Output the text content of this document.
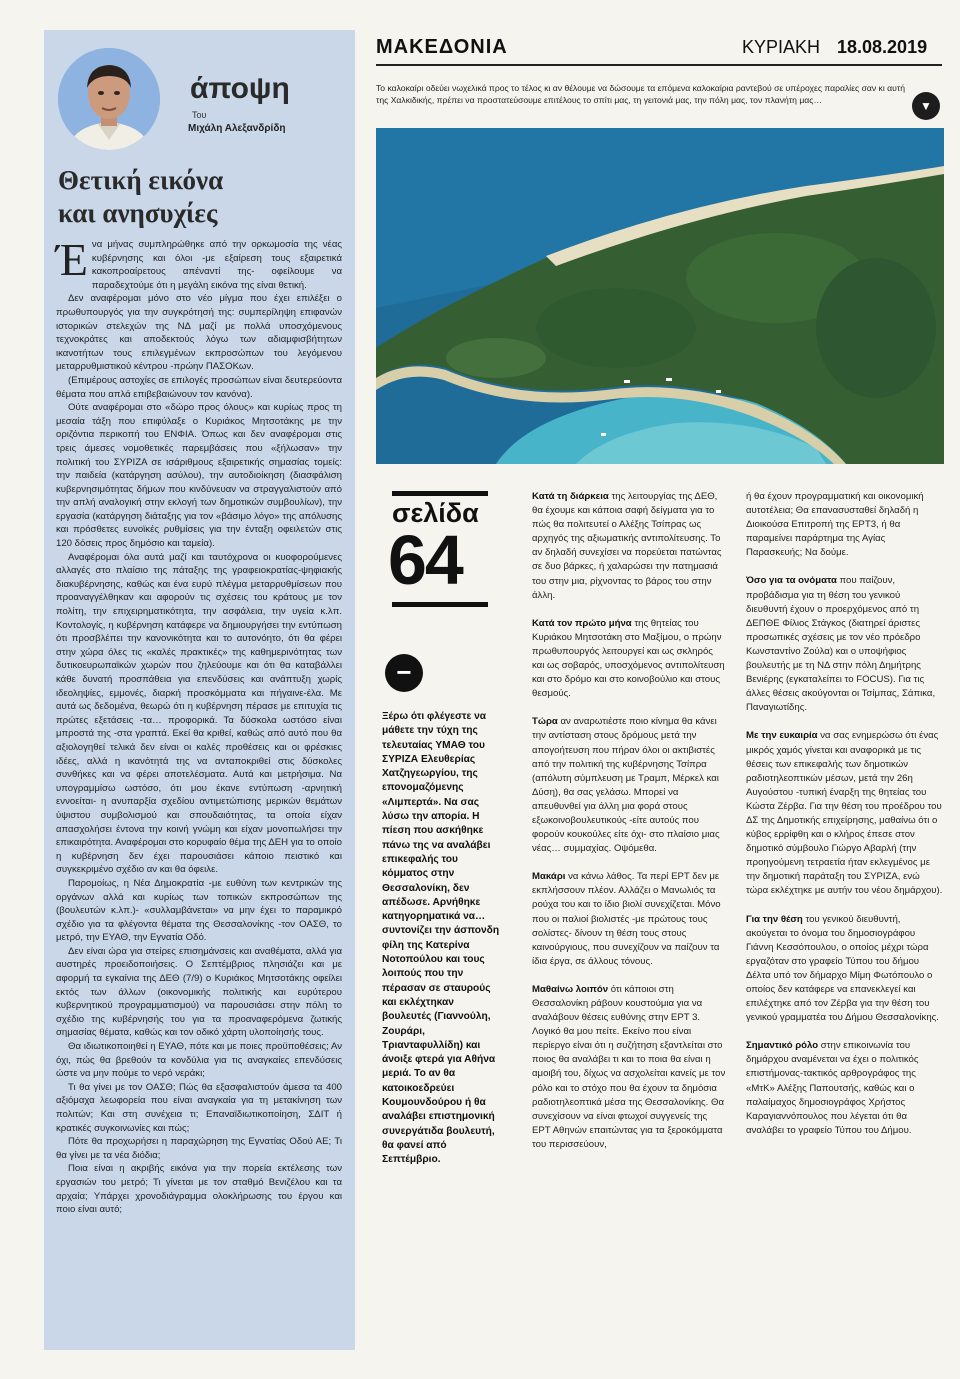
άποψη
Του
Μιχάλη Αλεξανδρίδη
Θετική εικόνα
και ανησυχίες

Ένα μήνας συμπληρώθηκε από την ορκωμοσία της νέας κυβέρνησης και όλοι -με εξαίρεση τους εξαιρετικά κακοπροαίρετους απέναντί της- οφείλουμε να παραδεχτούμε ότι η μεγάλη εικόνα της είναι θετική.

Δεν αναφέρομαι μόνο στο νέο μίγμα που έχει επιλέξει ο πρωθυπουργός για την συγκρότησή της: συμπερίληψη επιφανών ιστορικών στελεχών της ΝΔ μαζί με πολλά υποσχόμενους τεχνοκράτες και αποδεκτούς λόγω των αδιαμφισβήτητων ικανοτήτων τους επιλεγμένων εκπροσώπων του λεγόμενου μεταρρυθμιστικού κέντρου -πρώην ΠΑΣΟΚων.

(Επιμέρους αστοχίες σε επιλογές προσώπων είναι δευτερεύοντα θέματα που απλά επιβεβαιώνουν τον κανόνα).

Ούτε αναφέρομαι στο «δώρο προς όλους» και κυρίως προς τη μεσαία τάξη που επιφύλαξε ο Κυριάκος Μητσοτάκης με την οριζόντια περικοπή του ΕΝΦΙΑ. Όπως και δεν αναφέρομαι στις τρεις άμεσες νομοθετικές παρεμβάσεις που «ξήλωσαν» την πολιτική του ΣΥΡΙΖΑ σε ισάριθμους εξαιρετικής σημασίας τομείς: την παιδεία (κατάργηση ασύλου), την αυτοδιοίκηση (διασφάλιση κυβερνησιμότητας δήμων που κινδύνευαν να στραγγαλιστούν από την απλή αναλογική στην εκλογή των δημοτικών συμβουλίων), την εργασία (κατάργηση διάταξης για τον «βάσιμο λόγο» της απόλυσης και πρόσθετες ευνοϊκές ρυθμίσεις για την ένταξη οφειλετών στις 120 δόσεις προς δημόσιο και ταμεία).

Αναφέρομαι όλα αυτά μαζί και ταυτόχρονα οι κυοφορούμενες αλλαγές στο πλαίσιο της πάταξης της γραφειοκρατίας-ψηφιακής διακυβέρνησης, καθώς και ένα ευρύ πλέγμα μεταρρυθμίσεων που προαναγγέλθηκαν και αφορούν τις σχέσεις του κράτους με τον πολίτη, την επιχειρηματικότητα, την ασφάλεια, την υγεία κ.λπ. Κοντολογίς, η κυβέρνηση κατάφερε να δημιουργήσει την εντύπωση ότι προσβλέπει την κανονικότητα και το αυτονόητο, ότι θα φέρει στην χώρα όλες τις «καλές πρακτικές» της καθημερινότητας των δυτικοευρωπαϊκών χωρών που ζηλεύουμε και ότι θα καταβάλλει κάθε δυνατή προσπάθεια για επενδύσεις και ανάπτυξη χωρίς ιδεοληψίες, εμμονές, διαρκή προσκόμματα και πήγαινε-έλα. Με αυτά ως δεδομένα, θεωρώ ότι η κυβέρνηση πέρασε με επιτυχία τις πρώτες εξετάσεις -τα… προφορικά. Τα δύσκολα ωστόσο είναι μπροστά της -στα γραπτά. Εκεί θα κριθεί, καθώς από αυτό που θα αξιολογηθεί τελικά δεν είναι οι καλές προθέσεις και οι φρέσκιες ιδέες, αλλά η ικανότητά της να ανταποκριθεί στις δύσκολες συνθήκες και να φέρει αποτελέσματα. Αυτά και μετρήσιμα. Να υπογραμμίσω ωστόσο, ότι μου έκανε εντύπωση -αρνητική εννοείται- η ανυπαρξία σχεδίου αντιμετώπισης μερικών θεμάτων ύψιστου συμβολισμού και σπουδαιότητας, τα οποία είχαν απασχολήσει έντονα την κοινή γνώμη και είχαν μονοπωλήσει την επικαιρότητα. Αναφέρομαι στο κορυφαίο θέμα της ΔΕΗ για το οποίο η κυβέρνηση δεν έχει παρουσιάσει κάποιο πειστικό και συγκεκριμένο σχέδιο αν και θα όφειλε.

Παρομοίως, η Νέα Δημοκρατία -με ευθύνη των κεντρικών της οργάνων αλλά και κυρίως των τοπικών εκπροσώπων της (βουλευτών κ.λπ.)- «συλλαμβάνεται» να μην έχει το παραμικρό σχέδιο για τα φλέγοντα θέματα της Θεσσαλονίκης -τον ΟΑΣΘ, το μετρό, την ΕΥΑΘ, την Εγνατία Οδό.

Δεν είναι ώρα για στείρες επισημάνσεις και αναθέματα, αλλά για αυστηρές προειδοποιήσεις. Ο Σεπτέμβριος πλησιάζει και με αφορμή τα εγκαίνια της ΔΕΘ (7/9) ο Κυριάκος Μητσοτάκης οφείλει εκτός των άλλων (οικονομικής πολιτικής και ευρύτερου κυβερνητικού προγραμματισμού) να παρουσιάσει στην πόλη το σχέδιο της κυβέρνησής του για τα προαναφερόμενα ζωτικής σημασίας θέματα, καθώς και τον οδικό χάρτη υλοποίησής τους.

Θα ιδιωτικοποιηθεί η ΕΥΑΘ, πότε και με ποιες προϋποθέσεις; Αν όχι, πώς θα βρεθούν τα κονδύλια για τις αναγκαίες επενδύσεις ώστε να μην πούμε το νερό νεράκι;

Τι θα γίνει με τον ΟΑΣΘ; Πώς θα εξασφαλιστούν άμεσα τα 400 αξιόμαχα λεωφορεία που είναι αναγκαία για τη μετακίνηση των πολιτών; Και στη συνέχεια τι; Επαναϊδιωτικοποίηση, ΣΔΙΤ ή κρατικές συγκοινωνίες και πώς;

Πότε θα προχωρήσει η παραχώρηση της Εγνατίας Οδού ΑΕ; Τι θα γίνει με τα νέα διόδια;

Ποια είναι η ακριβής εικόνα για την πορεία εκτέλεσης των εργασιών του μετρό; Τι γίνεται με τον σταθμό Βενιζέλου και τα αρχαία; Υπάρχει χρονοδιάγραμμα ολοκλήρωσης του έργου και ποιο είναι αυτό;

ΜΑΚΕΔΟΝΙΑ	ΚΥΡΙΑΚΗ 18.08.2019
Το καλοκαίρι οδεύει νωχελικά προς το τέλος κι αν θέλουμε να δώσουμε τα επόμενα καλοκαίρια ραντεβού σε υπέροχες παραλίες σαν κι αυτή της Χαλκιδικής, πρέπει να προστατεύσουμε επιτέλους το σπίτι μας, τη γειτονιά μας, την πόλη μας, τον πλανήτη μας…	▼
σελίδα
64
−
Ξέρω ότι φλέγεστε να μάθετε την τύχη της τελευταίας ΥΜΑΘ του ΣΥΡΙΖΑ Ελευθερίας Χατζηγεωργίου, της επονομαζόμενης «Λιμπερτά». Να σας λύσω την απορία. Η πίεση που ασκήθηκε πάνω της να αναλάβει επικεφαλής του κόμματος στην Θεσσαλονίκη, δεν απέδωσε. Αρνήθηκε κατηγορηματικά να… συντονίζει την άσπονδη φίλη της Κατερίνα Νοτοπούλου και τους λοιπούς που την πέρασαν σε σταυρούς και εκλέχτηκαν βουλευτές (Γιαννούλη, Ζουράρι, Τριανταφυλλίδη) και άνοιξε φτερά για Αθήνα μεριά. Το αν θα κατοικοεδρεύει Κουμουνδούρου ή θα αναλάβει επιστημονική συνεργάτιδα βουλευτή, θα φανεί από Σεπτέμβριο.

Κατά τη διάρκεια της λειτουργίας της ΔΕΘ, θα έχουμε και κάποια σαφή δείγματα για το πώς θα πολιτευτεί ο Αλέξης Τσίπρας ως αρχηγός της αξιωματικής αντιπολίτευσης. Το αν δηλαδή συνεχίσει να πορεύεται πατώντας σε δυο βάρκες, ή χαλαρώσει την πατημασιά του στην μια, ρίχνοντας το βάρος του στην άλλη.

Κατά τον πρώτο μήνα της θητείας του Κυριάκου Μητσοτάκη στο Μαξίμου, ο πρώην πρωθυπουργός λειτουργεί και ως σκληρός και ως σοβαρός, υποσχόμενος αντιπολίτευση και στο δρόμο και στο κοινοβούλιο και στους θεσμούς.

Τώρα αν αναρωτιέστε ποιο κίνημα θα κάνει την αντίσταση στους δρόμους μετά την απογοήτευση που πήραν όλοι οι ακτιβιστές από την πολιτική της κυβέρνησης Τσίπρα (απόλυτη σύμπλευση με Τραμπ, Μέρκελ και Δύση), θα σας γελάσω. Μπορεί να απευθυνθεί για άλλη μια φορά στους εξωκοινοβουλευτικούς -είτε αυτούς που φορούν κουκούλες είτε όχι- στο πλαίσιο μιας νέας… συμμαχίας. Οψόμεθα.

Μακάρι να κάνω λάθος. Τα περί ΕΡΤ δεν με εκπλήσσουν πλέον. Αλλάζει ο Μανωλιός τα ρούχα του και το ίδιο βιολί συνεχίζεται. Μόνο που οι παλιοί βιολιστές -με πρώτους τους σολίστες- δίνουν τη θέση τους στους καινούργιους, που συνεχίζουν να παίζουν τα ίδια έργα, σε άλλους τόνους.

Μαθαίνω λοιπόν ότι κάποιοι στη Θεσσαλονίκη ράβουν κουστούμια για να αναλάβουν θέσεις ευθύνης στην ΕΡΤ 3. Λογικό θα μου πείτε. Εκείνο που είναι περίεργο είναι ότι η συζήτηση εξαντλείται στο ποιος θα αναλάβει τι και το ποια θα είναι η αμοιβή του, δίχως να ασχολείται κανείς με τον ρόλο και το στόχο που θα έχουν τα δημόσια ραδιοτηλεοπτικά μέσα της Θεσσαλονίκης. Θα συνεχίσουν να είναι φτωχοί συγγενείς της ΕΡΤ Αθηνών επαιτώντας για τα ξεροκόμματα του περισσεύουν,

ή θα έχουν προγραμματική και οικονομική αυτοτέλεια; Θα επανασυσταθεί δηλαδή η Διοικούσα Επιτροπή της ΕΡΤ3, ή θα παραμείνει παράρτημα της Αγίας Παρασκευής; Να δούμε.

Όσο για τα ονόματα που παίζουν, προβάδισμα για τη θέση του γενικού διευθυντή έχουν ο προερχόμενος από τη ΔΕΠΘΕ Φίλιος Στάγκος (διατηρεί άριστες προσωπικές σχέσεις με τον νέο πρόεδρο Κωνσταντίνο Ζούλα) και ο υποψήφιος βουλευτής με τη ΝΔ στην πόλη Δημήτρης Βενιέρης (εγκαταλείπει το FOCUS). Για τις άλλες θέσεις ακούγονται οι Τσίμπας, Σάπικα, Παναγιωτίδης.

Με την ευκαιρία να σας ενημερώσω ότι ένας μικρός χαμός γίνεται και αναφορικά με τις θέσεις των επικεφαλής των δημοτικών ραδιοτηλεοπτικών μέσων, μετά την 26η Αυγούστου -τυπική έναρξη της θητείας του Κώστα Ζέρβα. Για την θέση του προέδρου του ΔΣ της Δημοτικής επιχείρησης, μαθαίνω ότι ο κύβος ερρίφθη και ο κλήρος έπεσε στον δημοτικό σύμβουλο Γιώργο Αβαρλή (την προηγούμενη τετραετία ήταν εκλεγμένος με την δημοτική παράταξη του ΣΥΡΙΖΑ, ενώ τώρα εκλέχτηκε με αυτήν του νέου δημάρχου).

Για την θέση του γενικού διευθυντή, ακούγεται το όνομα του δημοσιογράφου Γιάννη Κεσσόπουλου, ο οποίος μέχρι τώρα εργαζόταν στο γραφείο Τύπου του δήμου Δέλτα υπό τον δήμαρχο Μίμη Φωτόπουλο ο οποίος δεν κατάφερε να επανεκλεγεί και επιλέχτηκε από τον Ζέρβα για την θέση του γενικού γραμματέα του Δήμου Θεσσαλονίκης.

Σημαντικό ρόλο στην επικοινωνία του δημάρχου αναμένεται να έχει ο πολιτικός επιστήμονας-τακτικός αρθρογράφος της «ΜτΚ» Αλέξης Παπουτσής, καθώς και ο παλαίμαχος δημοσιογράφος Χρήστος Καραγιαννόπουλος που λέγεται ότι θα αναλάβει το γραφείο Τύπου του Δήμου.
